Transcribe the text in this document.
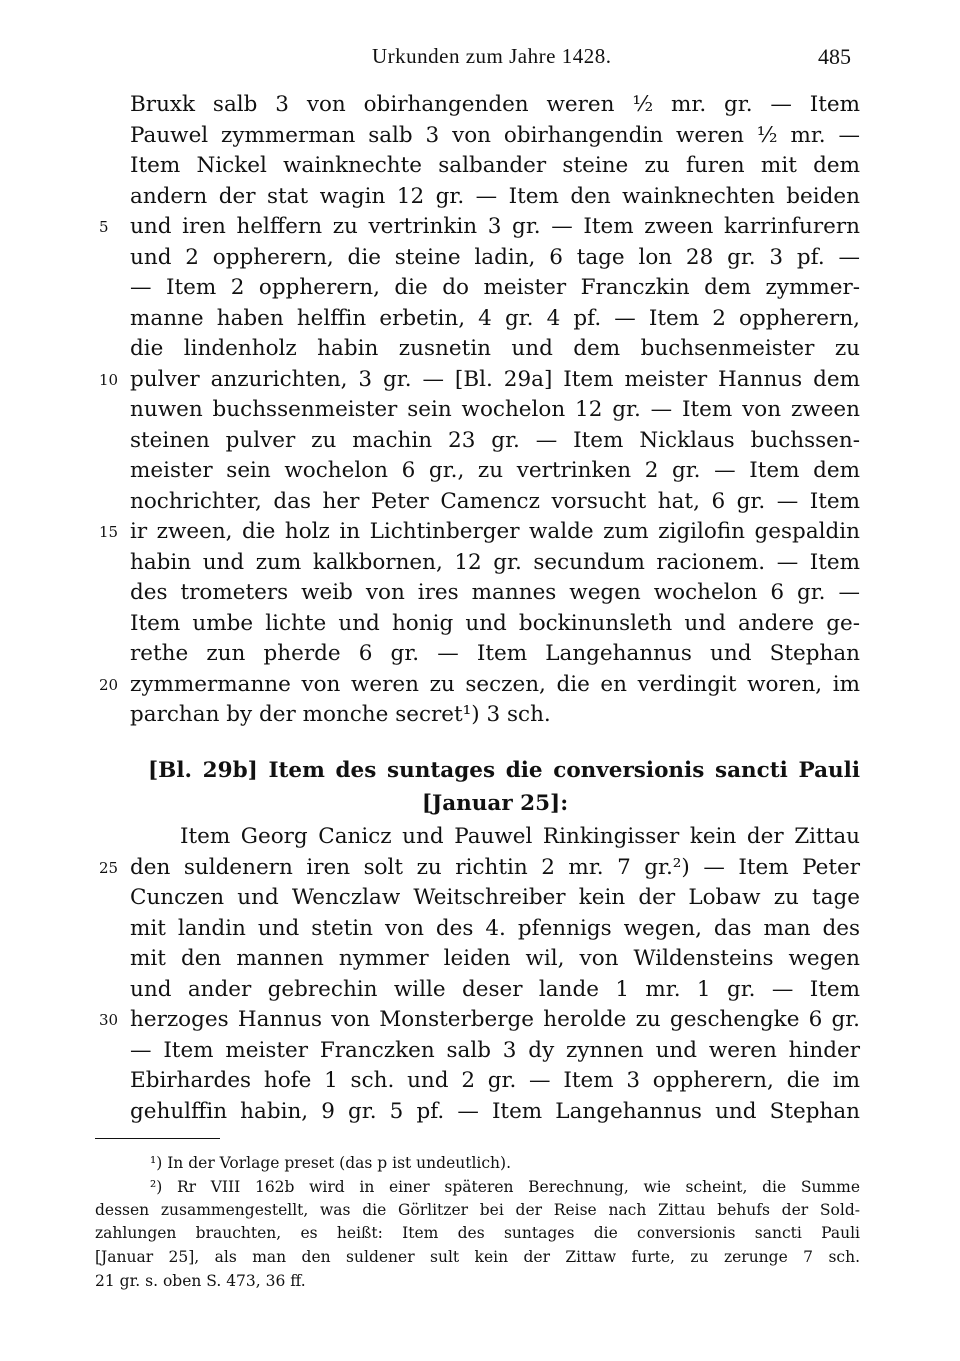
Urkunden zum Jahre 1428.	485
Bruxk salb 3 von obirhangenden weren ½ mr. gr. — Item
Pauwel zymmerman salb 3 von obirhangendin weren ½ mr. —
Item Nickel wainknechte salbander steine zu furen mit dem
andern der stat wagin 12 gr. — Item den wainknechten beiden
und iren helffern zu vertrinkin 3 gr. — Item zween karrinfurern
und 2 oppherern, die steine ladin, 6 tage lon 28 gr. 3 pf. —
— Item 2 oppherern, die do meister Franczkin dem zymmer-
manne haben helffin erbetin, 4 gr. 4 pf. — Item 2 oppherern,
die lindenholz habin zusnetin und dem buchsenmeister zu
pulver anzurichten, 3 gr. — [Bl. 29a] Item meister Hannus dem
nuwen buchssenmeister sein wochelon 12 gr. — Item von zween
steinen pulver zu machin 23 gr. — Item Nicklaus buchssen-
meister sein wochelon 6 gr., zu vertrinken 2 gr. — Item dem
nochrichter, das her Peter Camencz vorsucht hat, 6 gr. — Item
ir zween, die holz in Lichtinberger walde zum zigilofin gespaldin
habin und zum kalkbornen, 12 gr. secundum racionem. — Item
des trometers weib von ires mannes wegen wochelon 6 gr. —
Item umbe lichte und honig und bockinunsleth und andere ge-
rethe zun pherde 6 gr. — Item Langehannus und Stephan
zymmermanne von weren zu seczen, die en verdingit woren, im
parchan by der monche secret¹) 3 sch.
[Bl. 29b] Item des suntages die conversionis sancti Pauli
[Januar 25]:
Item Georg Canicz und Pauwel Rinkingisser kein der Zittau
den suldenern iren solt zu richtin 2 mr. 7 gr.²) — Item Peter
Cunczen und Wenczlaw Weitschreiber kein der Lobaw zu tage
mit landin und stetin von des 4. pfennigs wegen, das man des
mit den mannen nymmer leiden wil, von Wildensteins wegen
und ander gebrechin wille deser lande 1 mr. 1 gr. — Item
herzoges Hannus von Monsterberge herolde zu geschengke 6 gr.
— Item meister Franczken salb 3 dy zynnen und weren hinder
Ebirhardes hofe 1 sch. und 2 gr. — Item 3 oppherern, die im
gehulffin habin, 9 gr. 5 pf. — Item Langehannus und Stephan
5
10
15
20
25
30
¹) In der Vorlage preset (das p ist undeutlich).
²) Rr VIII 162b wird in einer späteren Berechnung, wie scheint, die Summe
dessen zusammengestellt, was die Görlitzer bei der Reise nach Zittau behufs der Sold-
zahlungen brauchten, es heißt: Item des suntages die conversionis sancti Pauli
[Januar 25], als man den suldener sult kein der Zittaw furte, zu zerunge 7 sch.
21 gr. s. oben S. 473, 36 ff.
